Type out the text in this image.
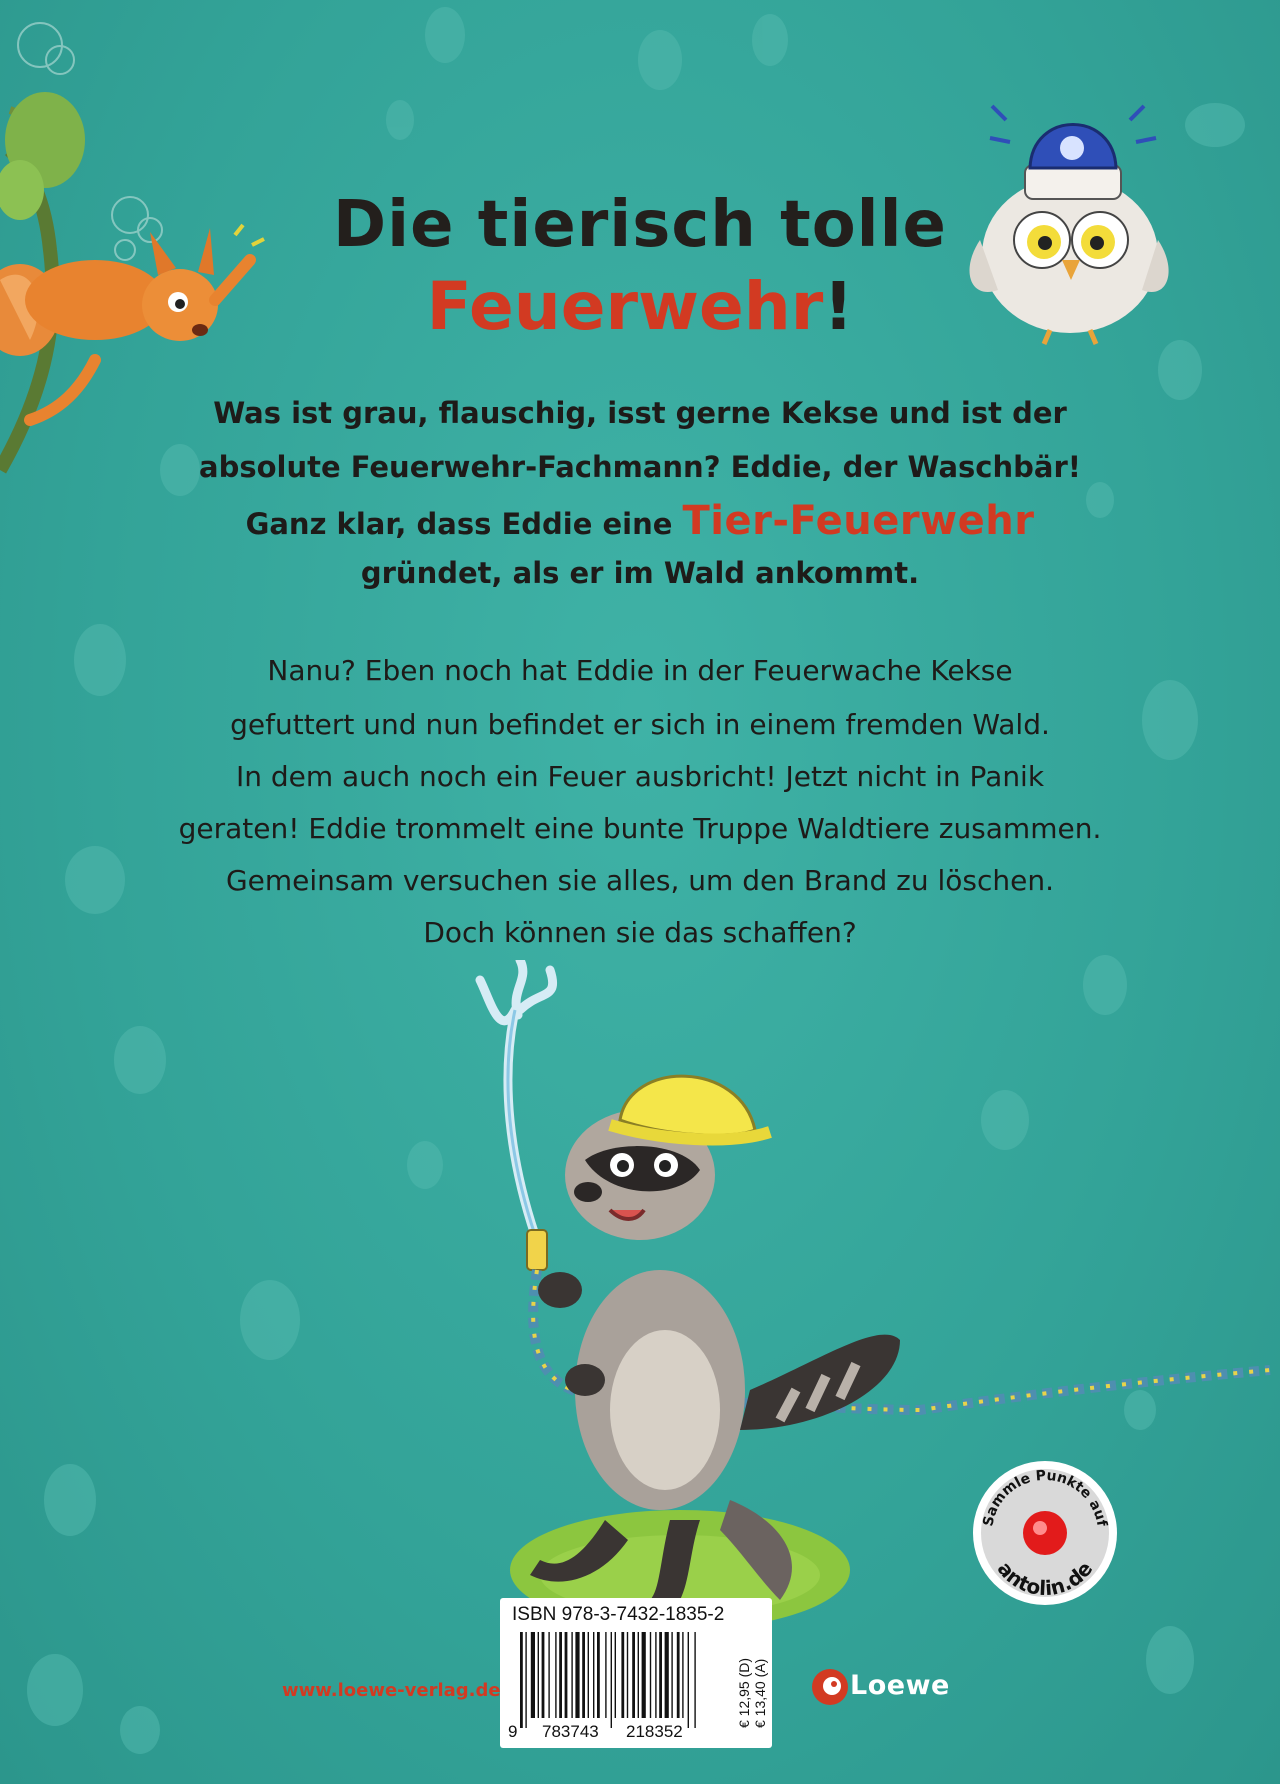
Die tierisch tolle
Feuerwehr!
Was ist grau, flauschig, isst gerne Kekse und ist der
absolute Feuerwehr-Fachmann? Eddie, der Waschbär!
Ganz klar, dass Eddie eine Tier-Feuerwehr
gründet, als er im Wald ankommt.
Nanu? Eben noch hat Eddie in der Feuerwache Kekse
gefuttert und nun befindet er sich in einem fremden Wald.
In dem auch noch ein Feuer ausbricht! Jetzt nicht in Panik
geraten! Eddie trommelt eine bunte Truppe Waldtiere zusammen.
Gemeinsam versuchen sie alles, um den Brand zu löschen.
Doch können sie das schaffen?
Sammle Punkte auf
antolin.de
ISBN 978-3-7432-1835-2
9 783743 218352
€ 12,95 (D) € 13,40 (A)
www.loewe-verlag.de	Loewe
